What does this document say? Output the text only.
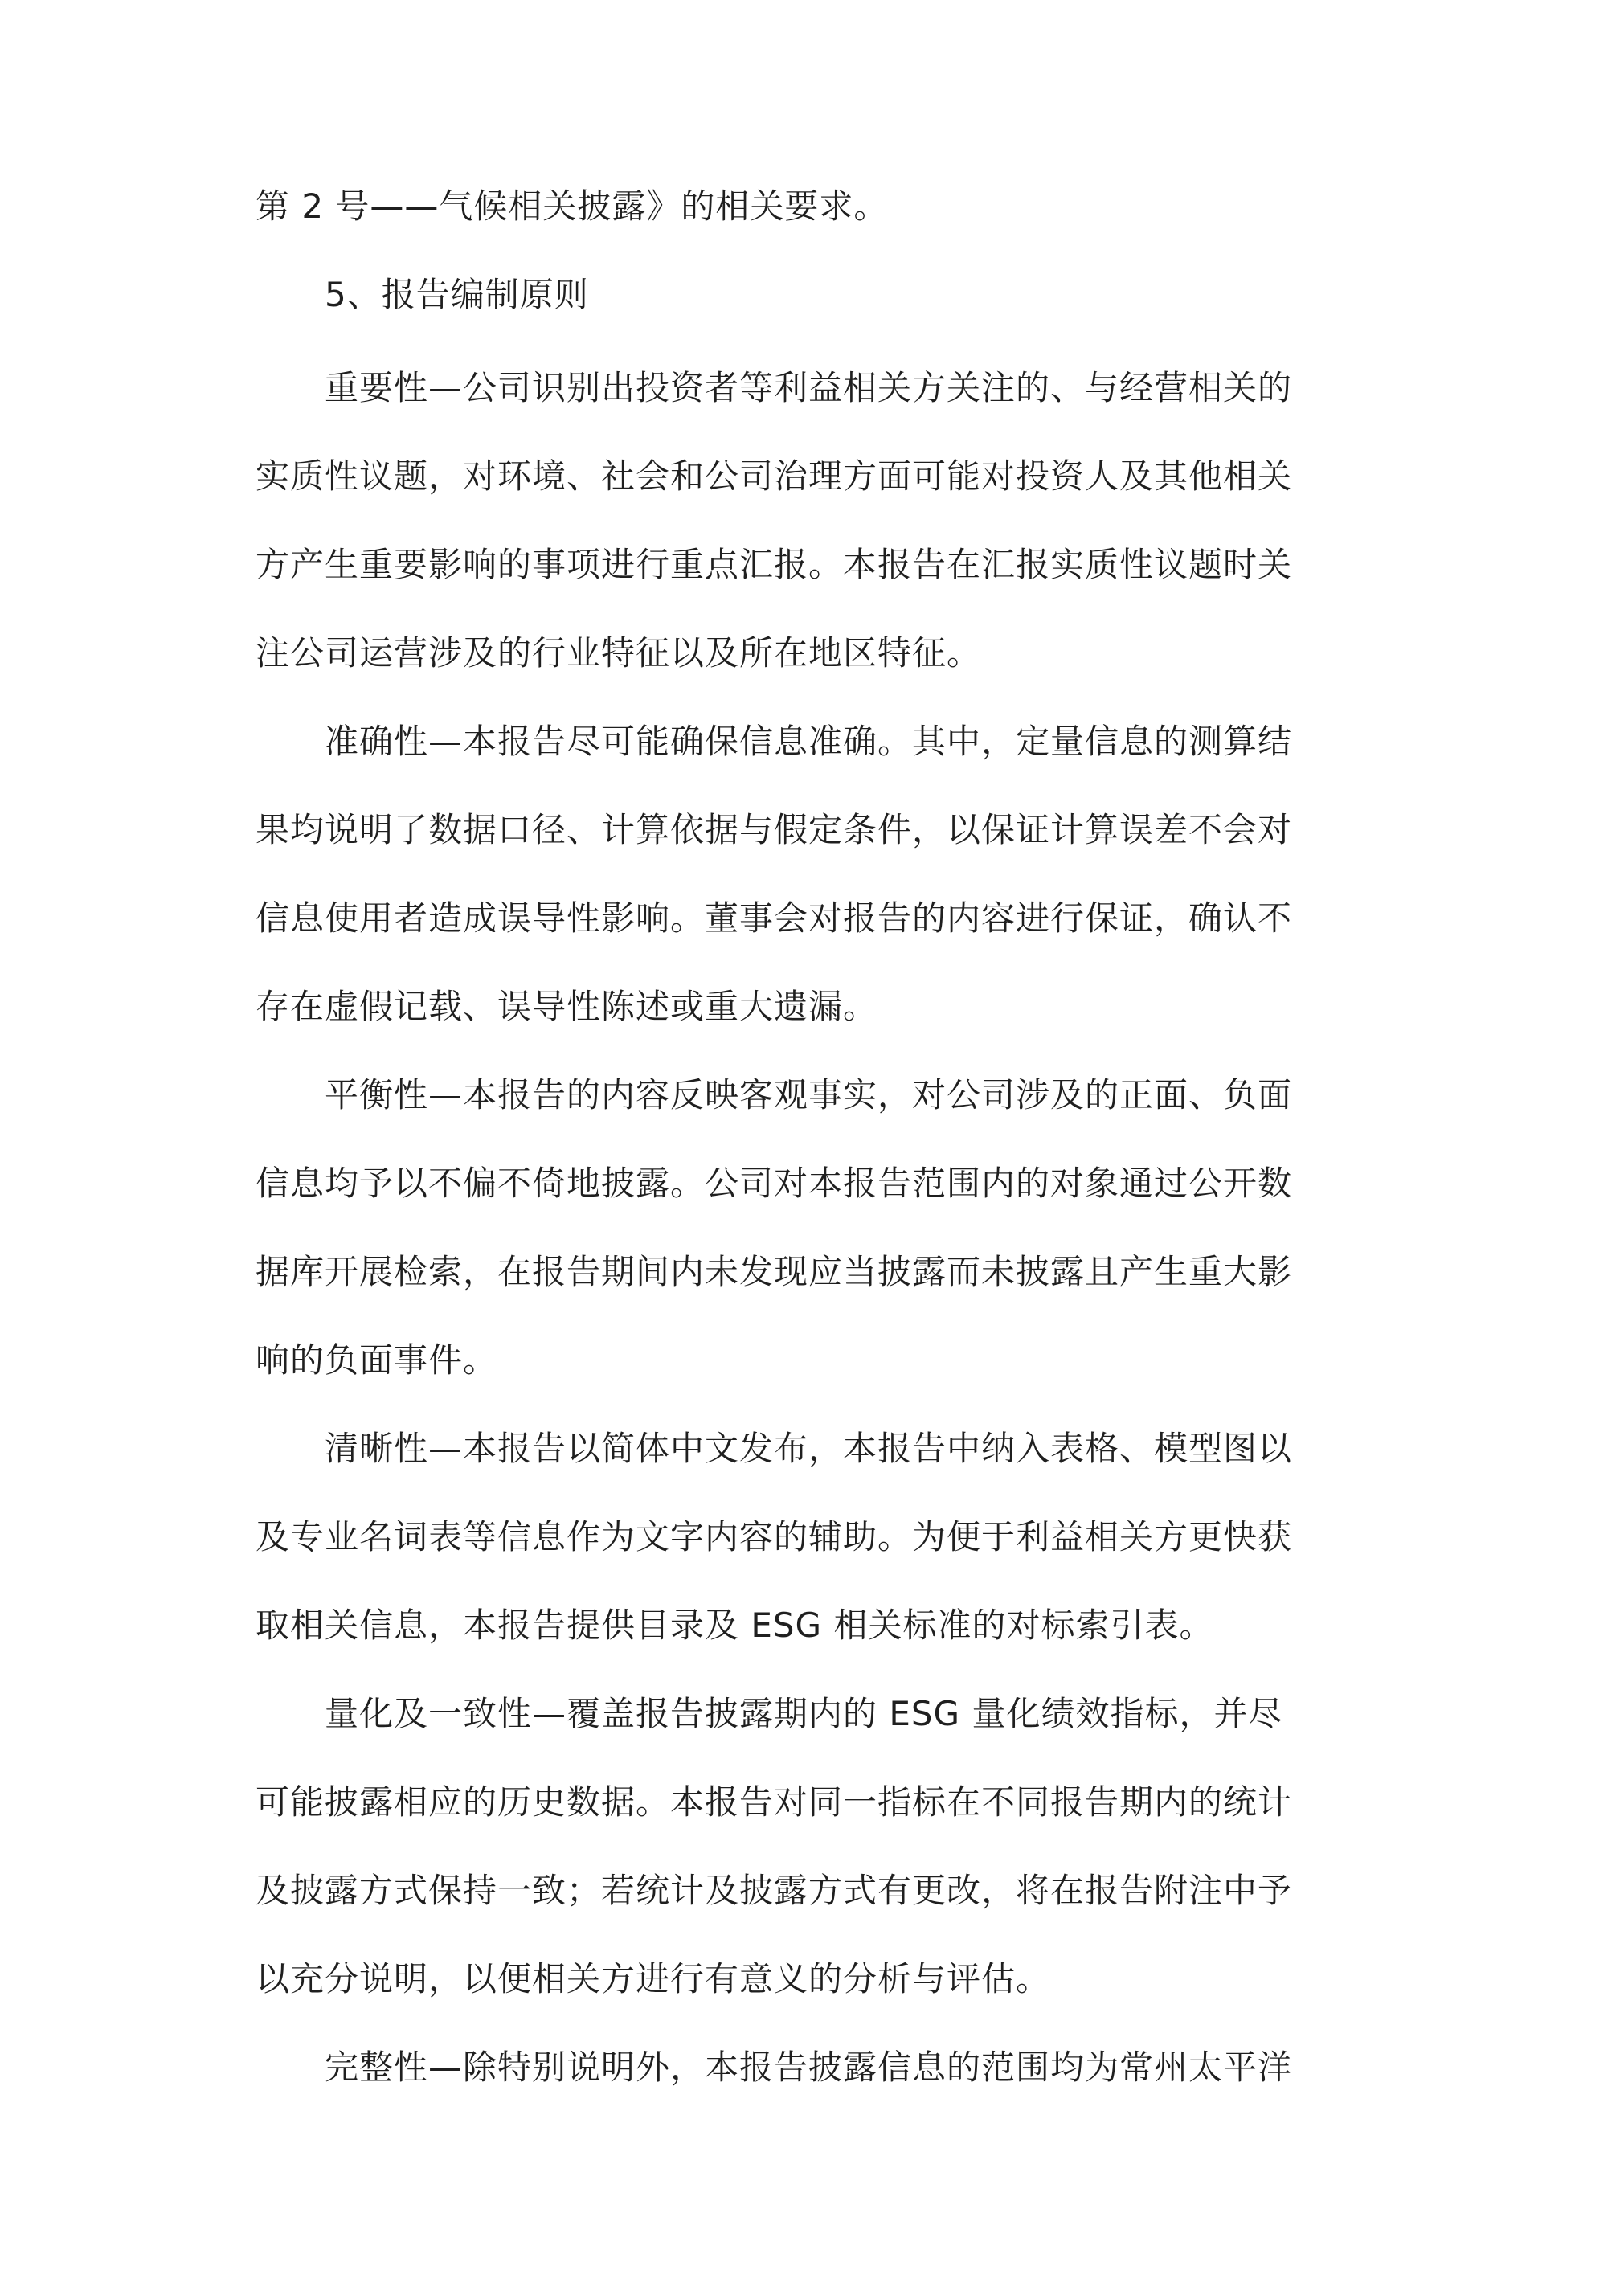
第 2 号——气候相关披露》的相关要求。
5、报告编制原则
重要性—公司识别出投资者等利益相关方关注的、与经营相关的
实质性议题，对环境、社会和公司治理方面可能对投资人及其他相关
方产生重要影响的事项进行重点汇报。本报告在汇报实质性议题时关
注公司运营涉及的行业特征以及所在地区特征。
准确性—本报告尽可能确保信息准确。其中，定量信息的测算结
果均说明了数据口径、计算依据与假定条件，以保证计算误差不会对
信息使用者造成误导性影响。董事会对报告的内容进行保证，确认不
存在虚假记载、误导性陈述或重大遗漏。
平衡性—本报告的内容反映客观事实，对公司涉及的正面、负面
信息均予以不偏不倚地披露。公司对本报告范围内的对象通过公开数
据库开展检索，在报告期间内未发现应当披露而未披露且产生重大影
响的负面事件。
清晰性—本报告以简体中文发布，本报告中纳入表格、模型图以
及专业名词表等信息作为文字内容的辅助。为便于利益相关方更快获
取相关信息，本报告提供目录及 ESG 相关标准的对标索引表。
量化及一致性—覆盖报告披露期内的 ESG 量化绩效指标，并尽
可能披露相应的历史数据。本报告对同一指标在不同报告期内的统计
及披露方式保持一致；若统计及披露方式有更改，将在报告附注中予
以充分说明，以便相关方进行有意义的分析与评估。
完整性—除特别说明外，本报告披露信息的范围均为常州太平洋
